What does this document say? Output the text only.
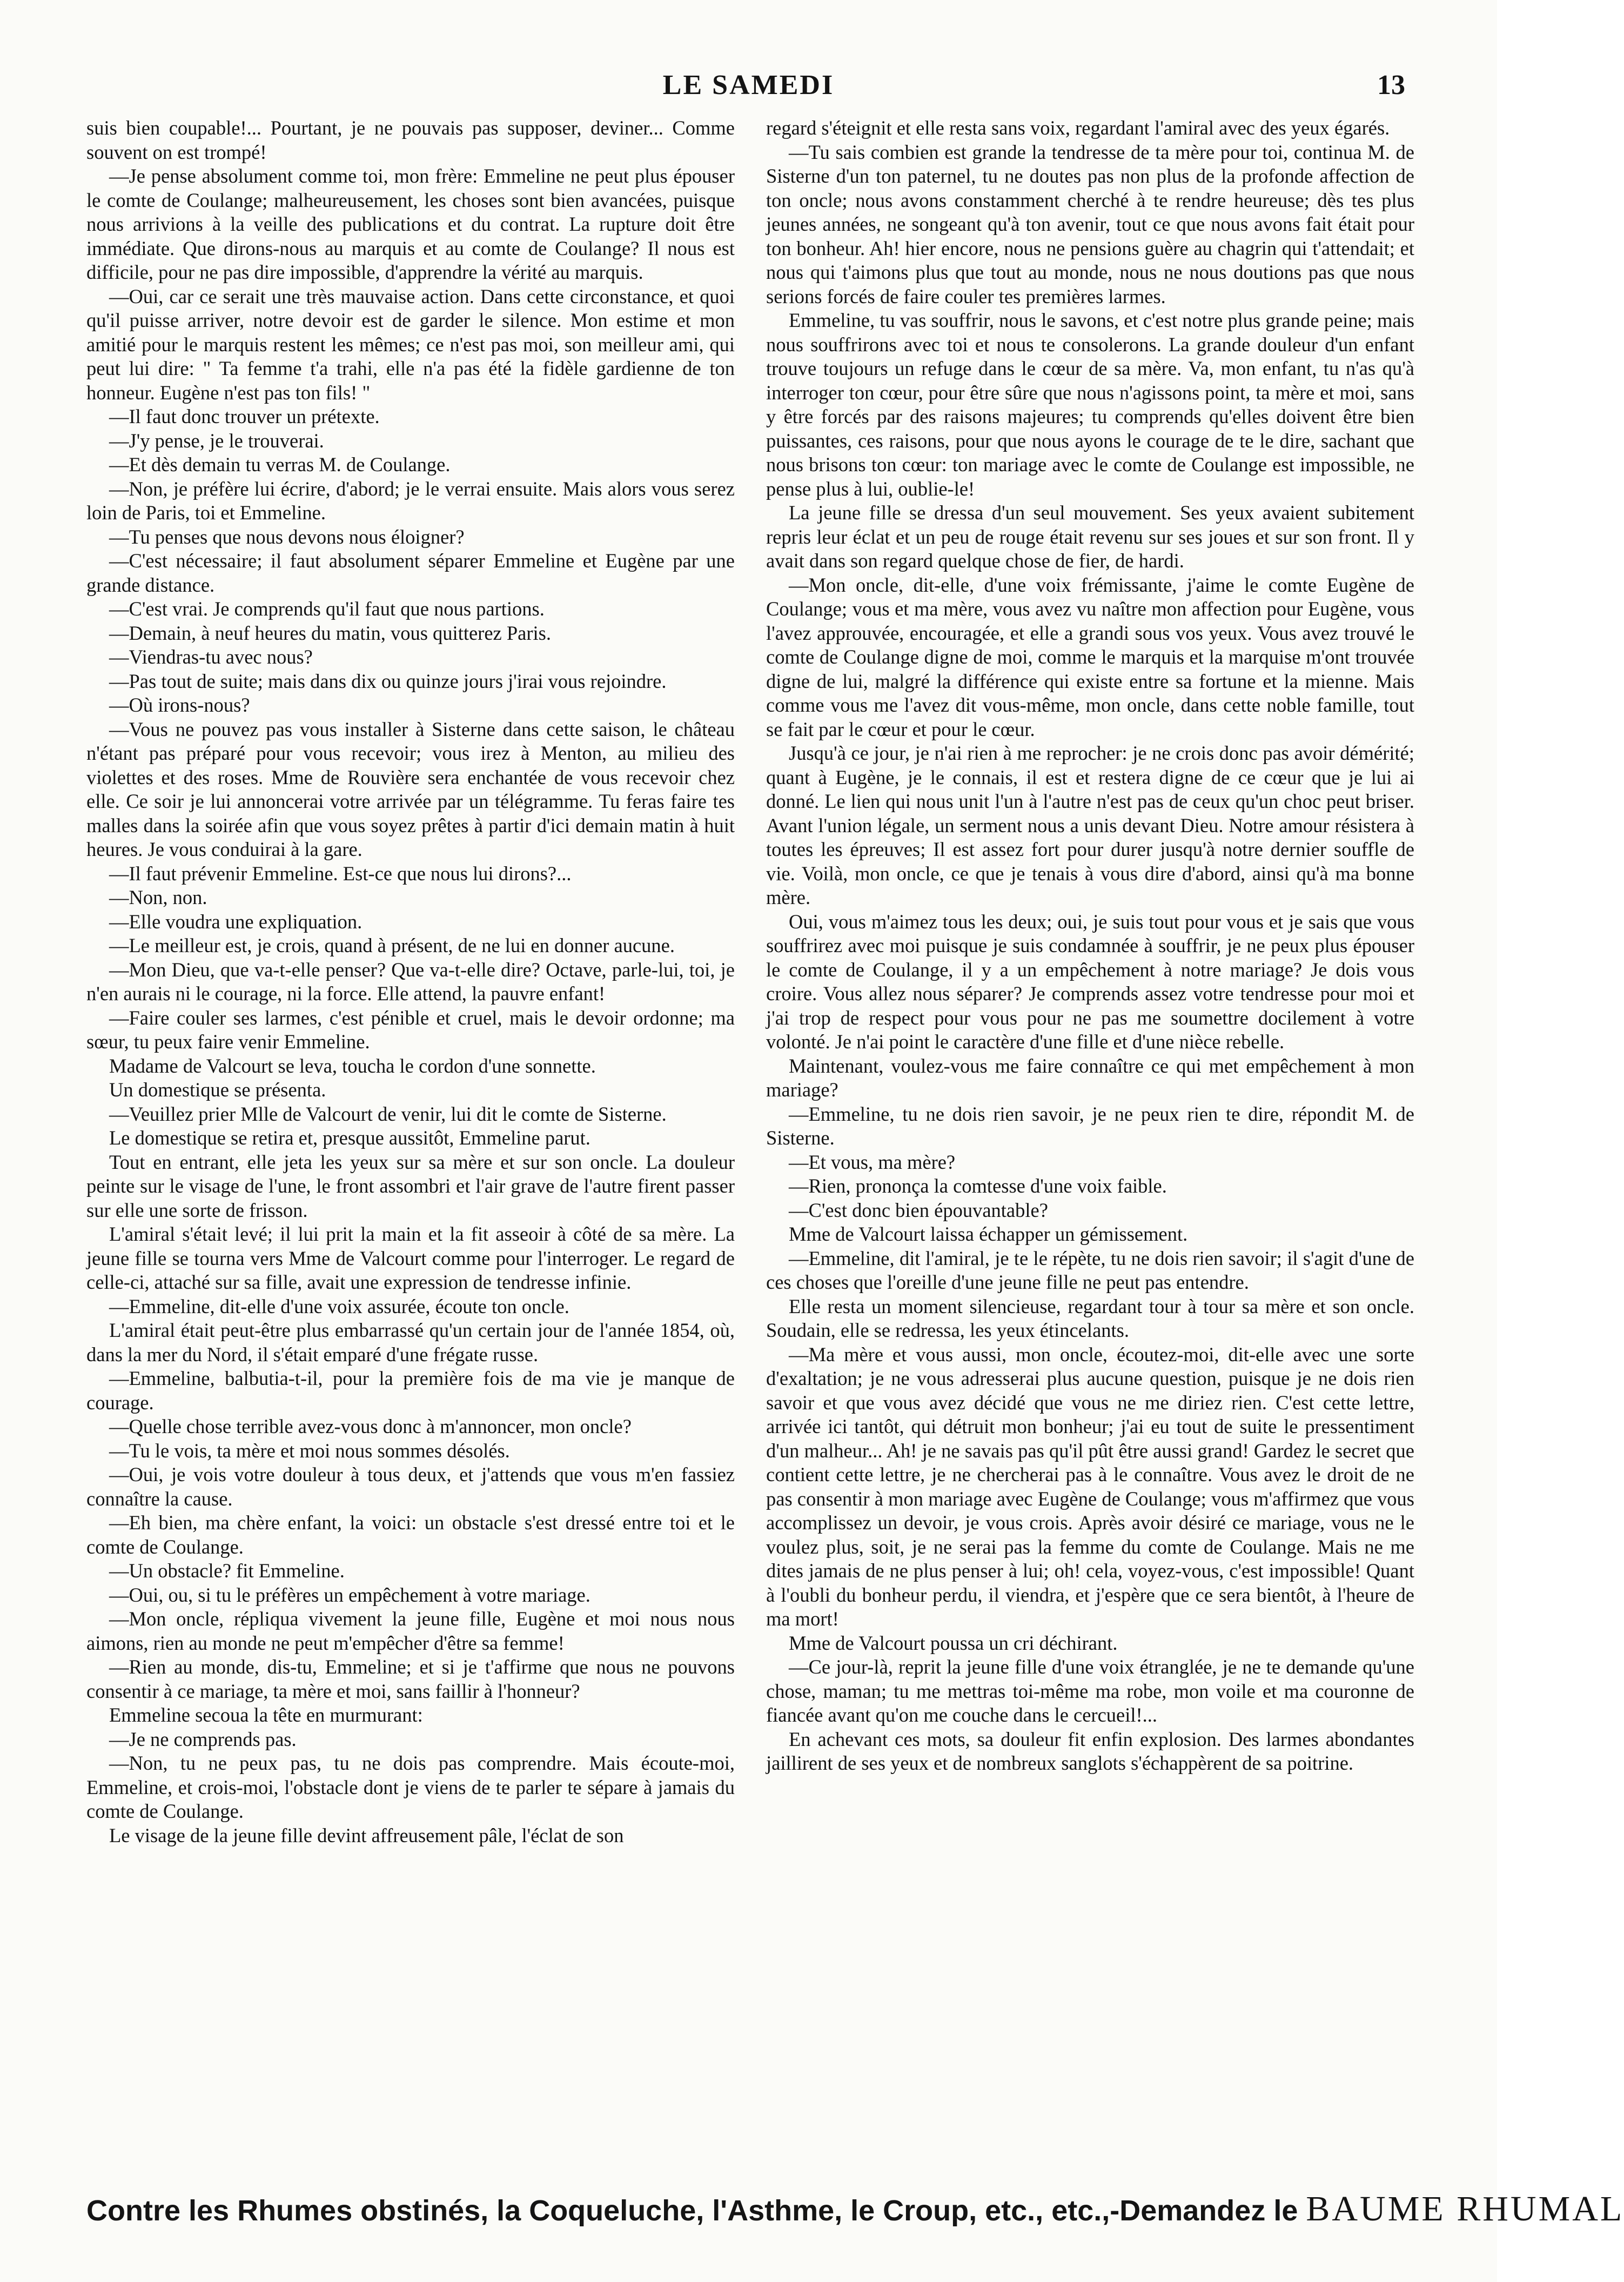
LE SAMEDI	13

suis bien coupable!... Pourtant, je ne pouvais pas supposer, deviner... Comme souvent on est trompé!

—Je pense absolument comme toi, mon frère: Emmeline ne peut plus épouser le comte de Coulange; malheureusement, les choses sont bien avancées, puisque nous arrivions à la veille des publications et du contrat. La rupture doit être immédiate. Que dirons-nous au marquis et au comte de Coulange? Il nous est difficile, pour ne pas dire impossible, d'apprendre la vérité au marquis.

—Oui, car ce serait une très mauvaise action. Dans cette circonstance, et quoi qu'il puisse arriver, notre devoir est de garder le silence. Mon estime et mon amitié pour le marquis restent les mêmes; ce n'est pas moi, son meilleur ami, qui peut lui dire: " Ta femme t'a trahi, elle n'a pas été la fidèle gardienne de ton honneur. Eugène n'est pas ton fils! "

—Il faut donc trouver un prétexte.

—J'y pense, je le trouverai.

—Et dès demain tu verras M. de Coulange.

—Non, je préfère lui écrire, d'abord; je le verrai ensuite. Mais alors vous serez loin de Paris, toi et Emmeline.

—Tu penses que nous devons nous éloigner?

—C'est nécessaire; il faut absolument séparer Emmeline et Eugène par une grande distance.

—C'est vrai. Je comprends qu'il faut que nous partions.

—Demain, à neuf heures du matin, vous quitterez Paris.

—Viendras-tu avec nous?

—Pas tout de suite; mais dans dix ou quinze jours j'irai vous rejoindre.

—Où irons-nous?

—Vous ne pouvez pas vous installer à Sisterne dans cette saison, le château n'étant pas préparé pour vous recevoir; vous irez à Menton, au milieu des violettes et des roses. Mme de Rouvière sera enchantée de vous recevoir chez elle. Ce soir je lui annoncerai votre arrivée par un télégramme. Tu feras faire tes malles dans la soirée afin que vous soyez prêtes à partir d'ici demain matin à huit heures. Je vous conduirai à la gare.

—Il faut prévenir Emmeline. Est-ce que nous lui dirons?...

—Non, non.

—Elle voudra une expliquation.

—Le meilleur est, je crois, quand à présent, de ne lui en donner aucune.

—Mon Dieu, que va-t-elle penser? Que va-t-elle dire? Octave, parle-lui, toi, je n'en aurais ni le courage, ni la force. Elle attend, la pauvre enfant!

—Faire couler ses larmes, c'est pénible et cruel, mais le devoir ordonne; ma sœur, tu peux faire venir Emmeline.

Madame de Valcourt se leva, toucha le cordon d'une sonnette.

Un domestique se présenta.

—Veuillez prier Mlle de Valcourt de venir, lui dit le comte de Sisterne.

Le domestique se retira et, presque aussitôt, Emmeline parut.

Tout en entrant, elle jeta les yeux sur sa mère et sur son oncle. La douleur peinte sur le visage de l'une, le front assombri et l'air grave de l'autre firent passer sur elle une sorte de frisson.

L'amiral s'était levé; il lui prit la main et la fit asseoir à côté de sa mère. La jeune fille se tourna vers Mme de Valcourt comme pour l'interroger. Le regard de celle-ci, attaché sur sa fille, avait une expression de tendresse infinie.

—Emmeline, dit-elle d'une voix assurée, écoute ton oncle.

L'amiral était peut-être plus embarrassé qu'un certain jour de l'année 1854, où, dans la mer du Nord, il s'était emparé d'une frégate russe.

—Emmeline, balbutia-t-il, pour la première fois de ma vie je manque de courage.

—Quelle chose terrible avez-vous donc à m'annoncer, mon oncle?

—Tu le vois, ta mère et moi nous sommes désolés.

—Oui, je vois votre douleur à tous deux, et j'attends que vous m'en fassiez connaître la cause.

—Eh bien, ma chère enfant, la voici: un obstacle s'est dressé entre toi et le comte de Coulange.

—Un obstacle? fit Emmeline.

—Oui, ou, si tu le préfères un empêchement à votre mariage.

—Mon oncle, répliqua vivement la jeune fille, Eugène et moi nous nous aimons, rien au monde ne peut m'empêcher d'être sa femme!

—Rien au monde, dis-tu, Emmeline; et si je t'affirme que nous ne pouvons consentir à ce mariage, ta mère et moi, sans faillir à l'honneur?

Emmeline secoua la tête en murmurant:

—Je ne comprends pas.

—Non, tu ne peux pas, tu ne dois pas comprendre. Mais écoute-moi, Emmeline, et crois-moi, l'obstacle dont je viens de te parler te sépare à jamais du comte de Coulange.

Le visage de la jeune fille devint affreusement pâle, l'éclat de son

regard s'éteignit et elle resta sans voix, regardant l'amiral avec des yeux égarés.

—Tu sais combien est grande la tendresse de ta mère pour toi, continua M. de Sisterne d'un ton paternel, tu ne doutes pas non plus de la profonde affection de ton oncle; nous avons constamment cherché à te rendre heureuse; dès tes plus jeunes années, ne songeant qu'à ton avenir, tout ce que nous avons fait était pour ton bonheur. Ah! hier encore, nous ne pensions guère au chagrin qui t'attendait; et nous qui t'aimons plus que tout au monde, nous ne nous doutions pas que nous serions forcés de faire couler tes premières larmes.

Emmeline, tu vas souffrir, nous le savons, et c'est notre plus grande peine; mais nous souffrirons avec toi et nous te consolerons. La grande douleur d'un enfant trouve toujours un refuge dans le cœur de sa mère. Va, mon enfant, tu n'as qu'à interroger ton cœur, pour être sûre que nous n'agissons point, ta mère et moi, sans y être forcés par des raisons majeures; tu comprends qu'elles doivent être bien puissantes, ces raisons, pour que nous ayons le courage de te le dire, sachant que nous brisons ton cœur: ton mariage avec le comte de Coulange est impossible, ne pense plus à lui, oublie-le!

La jeune fille se dressa d'un seul mouvement. Ses yeux avaient subitement repris leur éclat et un peu de rouge était revenu sur ses joues et sur son front. Il y avait dans son regard quelque chose de fier, de hardi.

—Mon oncle, dit-elle, d'une voix frémissante, j'aime le comte Eugène de Coulange; vous et ma mère, vous avez vu naître mon affection pour Eugène, vous l'avez approuvée, encouragée, et elle a grandi sous vos yeux. Vous avez trouvé le comte de Coulange digne de moi, comme le marquis et la marquise m'ont trouvée digne de lui, malgré la différence qui existe entre sa fortune et la mienne. Mais comme vous me l'avez dit vous-même, mon oncle, dans cette noble famille, tout se fait par le cœur et pour le cœur.

Jusqu'à ce jour, je n'ai rien à me reprocher: je ne crois donc pas avoir démérité; quant à Eugène, je le connais, il est et restera digne de ce cœur que je lui ai donné. Le lien qui nous unit l'un à l'autre n'est pas de ceux qu'un choc peut briser. Avant l'union légale, un serment nous a unis devant Dieu. Notre amour résistera à toutes les épreuves; Il est assez fort pour durer jusqu'à notre dernier souffle de vie. Voilà, mon oncle, ce que je tenais à vous dire d'abord, ainsi qu'à ma bonne mère.

Oui, vous m'aimez tous les deux; oui, je suis tout pour vous et je sais que vous souffrirez avec moi puisque je suis condamnée à souffrir, je ne peux plus épouser le comte de Coulange, il y a un empêchement à notre mariage? Je dois vous croire. Vous allez nous séparer? Je comprends assez votre tendresse pour moi et j'ai trop de respect pour vous pour ne pas me soumettre docilement à votre volonté. Je n'ai point le caractère d'une fille et d'une nièce rebelle.

Maintenant, voulez-vous me faire connaître ce qui met empêchement à mon mariage?

—Emmeline, tu ne dois rien savoir, je ne peux rien te dire, répondit M. de Sisterne.

—Et vous, ma mère?

—Rien, prononça la comtesse d'une voix faible.

—C'est donc bien épouvantable?

Mme de Valcourt laissa échapper un gémissement.

—Emmeline, dit l'amiral, je te le répète, tu ne dois rien savoir; il s'agit d'une de ces choses que l'oreille d'une jeune fille ne peut pas entendre.

Elle resta un moment silencieuse, regardant tour à tour sa mère et son oncle. Soudain, elle se redressa, les yeux étincelants.

—Ma mère et vous aussi, mon oncle, écoutez-moi, dit-elle avec une sorte d'exaltation; je ne vous adresserai plus aucune question, puisque je ne dois rien savoir et que vous avez décidé que vous ne me diriez rien. C'est cette lettre, arrivée ici tantôt, qui détruit mon bonheur; j'ai eu tout de suite le pressentiment d'un malheur... Ah! je ne savais pas qu'il pût être aussi grand! Gardez le secret que contient cette lettre, je ne chercherai pas à le connaître. Vous avez le droit de ne pas consentir à mon mariage avec Eugène de Coulange; vous m'affirmez que vous accomplissez un devoir, je vous crois. Après avoir désiré ce mariage, vous ne le voulez plus, soit, je ne serai pas la femme du comte de Coulange. Mais ne me dites jamais de ne plus penser à lui; oh! cela, voyez-vous, c'est impossible! Quant à l'oubli du bonheur perdu, il viendra, et j'espère que ce sera bientôt, à l'heure de ma mort!

Mme de Valcourt poussa un cri déchirant.

—Ce jour-là, reprit la jeune fille d'une voix étranglée, je ne te demande qu'une chose, maman; tu me mettras toi-même ma robe, mon voile et ma couronne de fiancée avant qu'on me couche dans le cercueil!...

En achevant ces mots, sa douleur fit enfin explosion. Des larmes abondantes jaillirent de ses yeux et de nombreux sanglots s'échappèrent de sa poitrine.

Contre les Rhumes obstinés, la Coqueluche, l'Asthme, le Croup, etc., etc., - Demandez le BAUME RHUMAL
